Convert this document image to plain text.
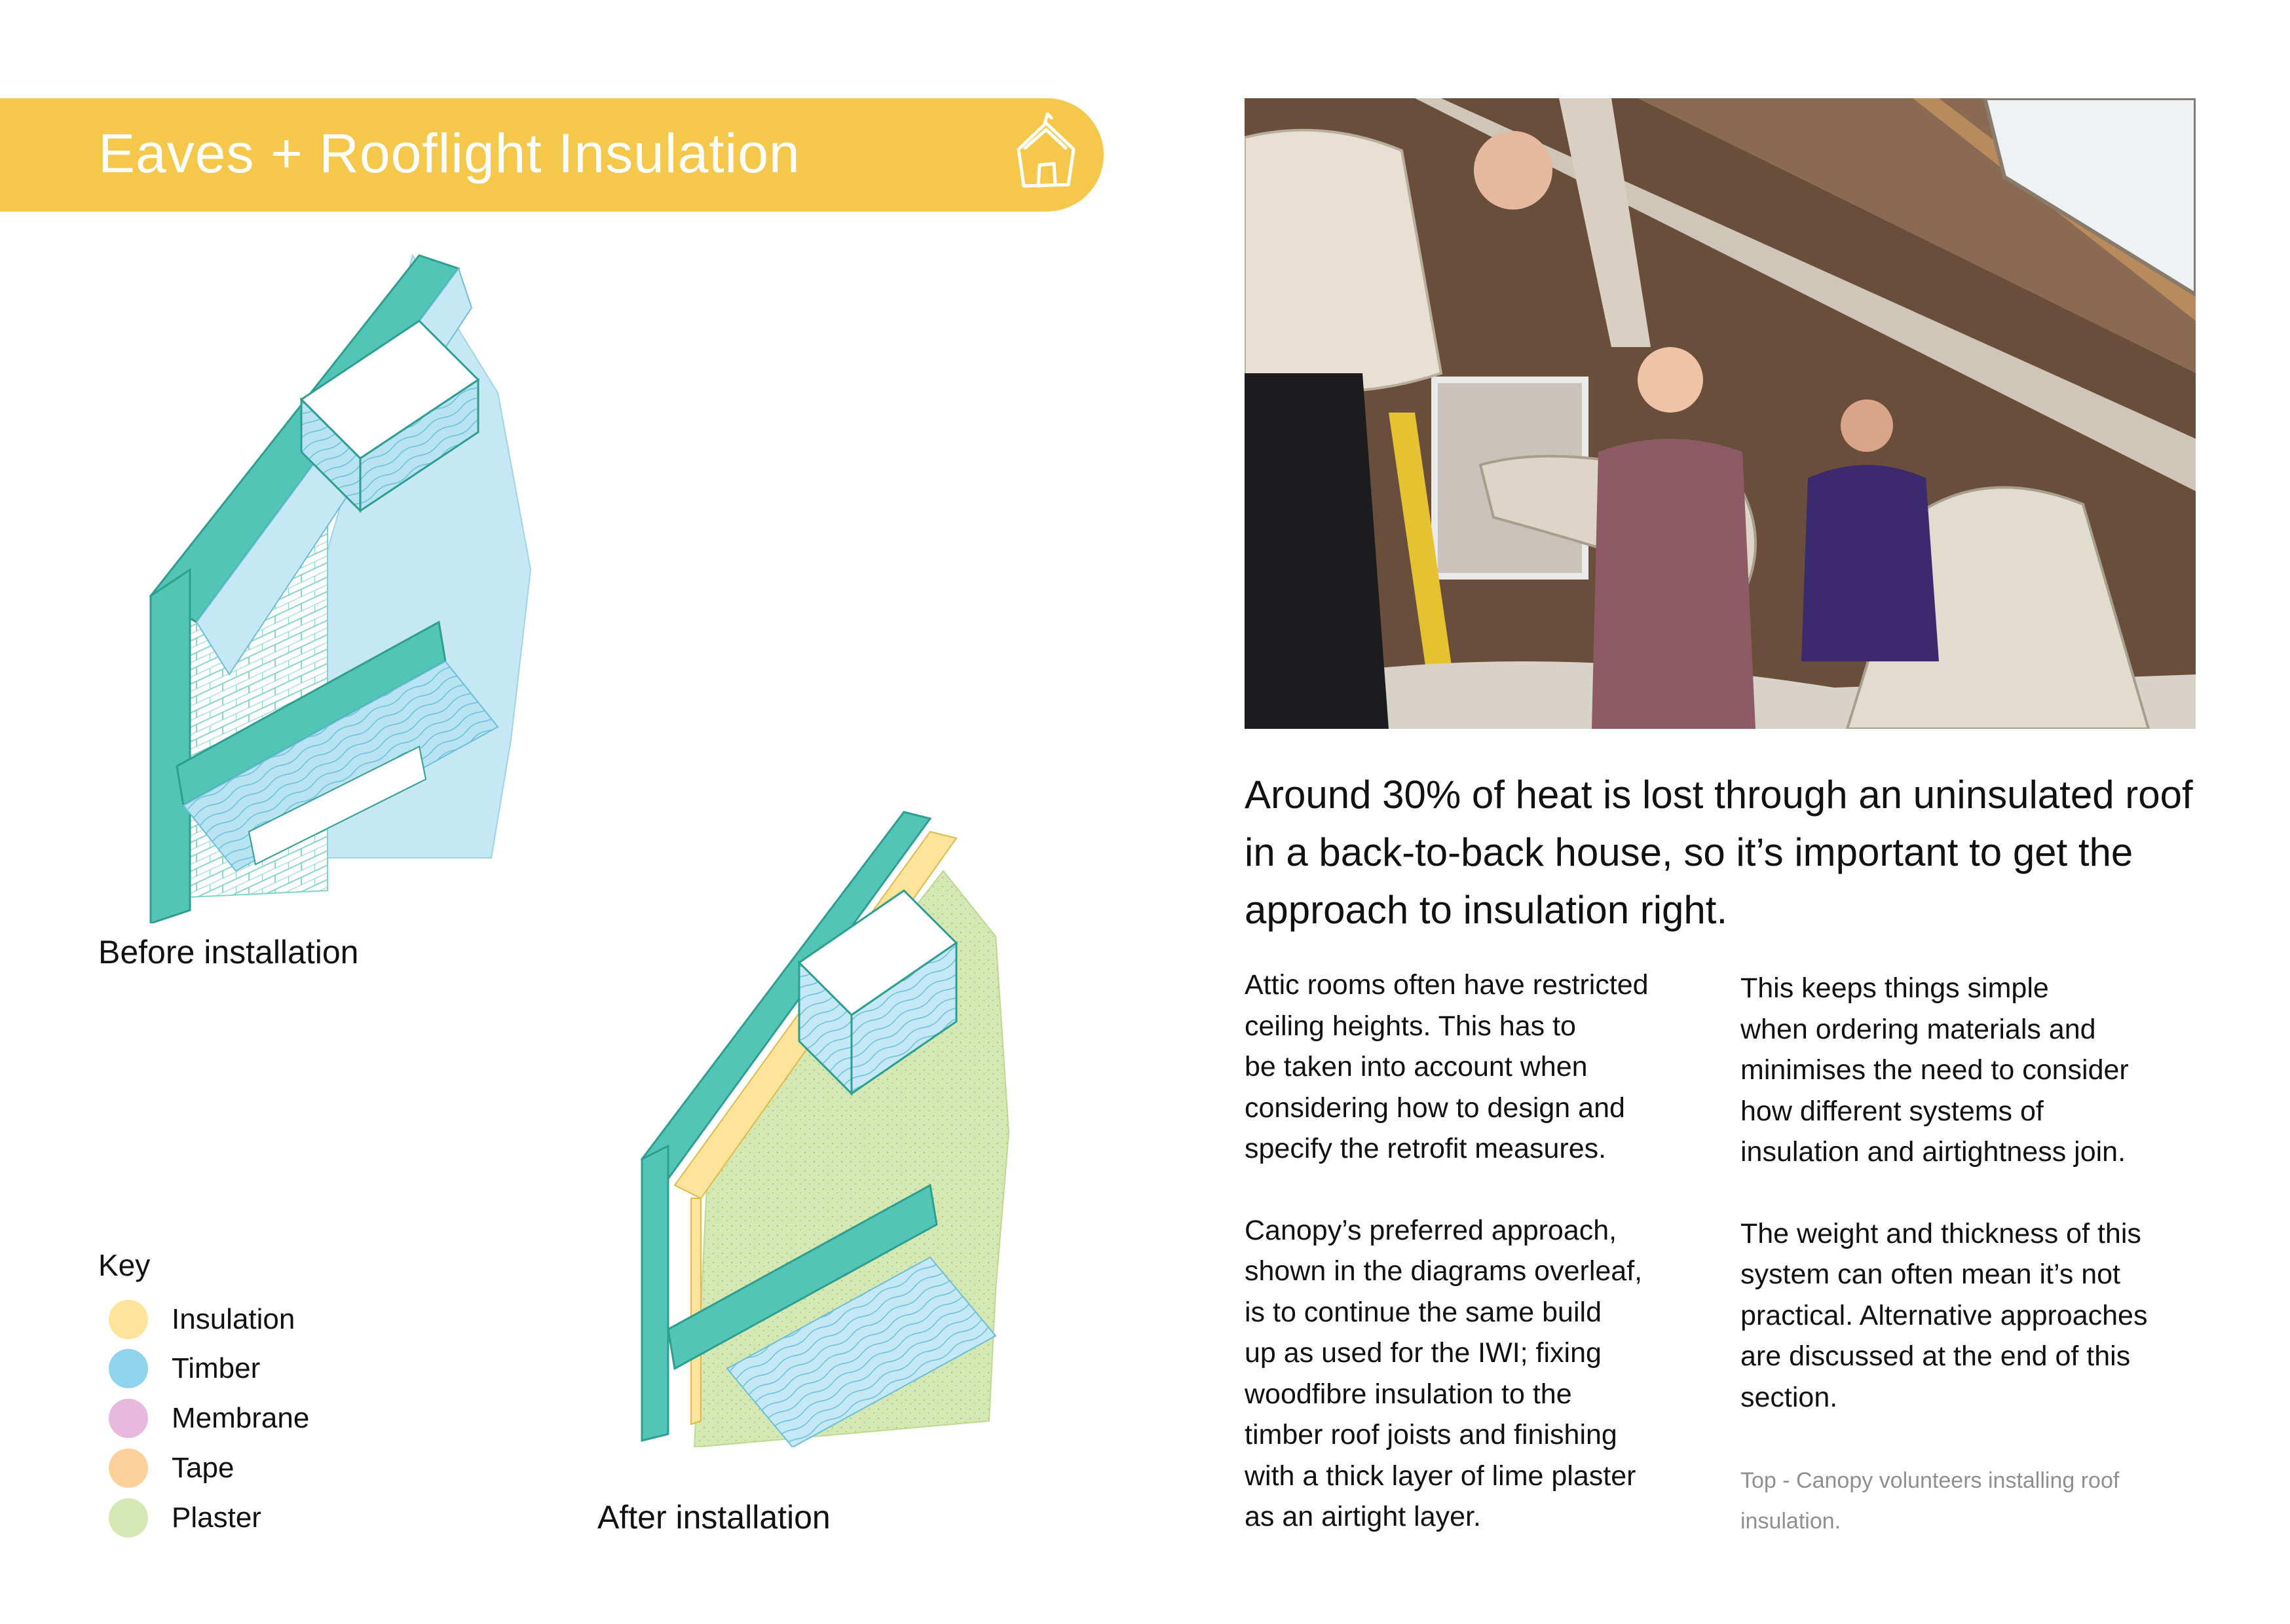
Eaves + Rooflight Insulation
Before installation
After installation
Key
Insulation
Timber
Membrane
Tape
Plaster
Around 30% of heat is lost through an uninsulated roof in a back-to-back house, so it’s important to get the approach to insulation right.

Attic rooms often have restricted
ceiling heights. This has to
be taken into account when
considering how to design and
specify the retrofit measures.

Canopy’s preferred approach,
shown in the diagrams overleaf,
is to continue the same build
up as used for the IWI; fixing
woodfibre insulation to the
timber roof joists and finishing
with a thick layer of lime plaster
as an airtight layer.

This keeps things simple
when ordering materials and
minimises the need to consider
how different systems of
insulation and airtightness join.

The weight and thickness of this
system can often mean it’s not
practical. Alternative approaches
are discussed at the end of this
section.

Top - Canopy volunteers installing roof
insulation.
